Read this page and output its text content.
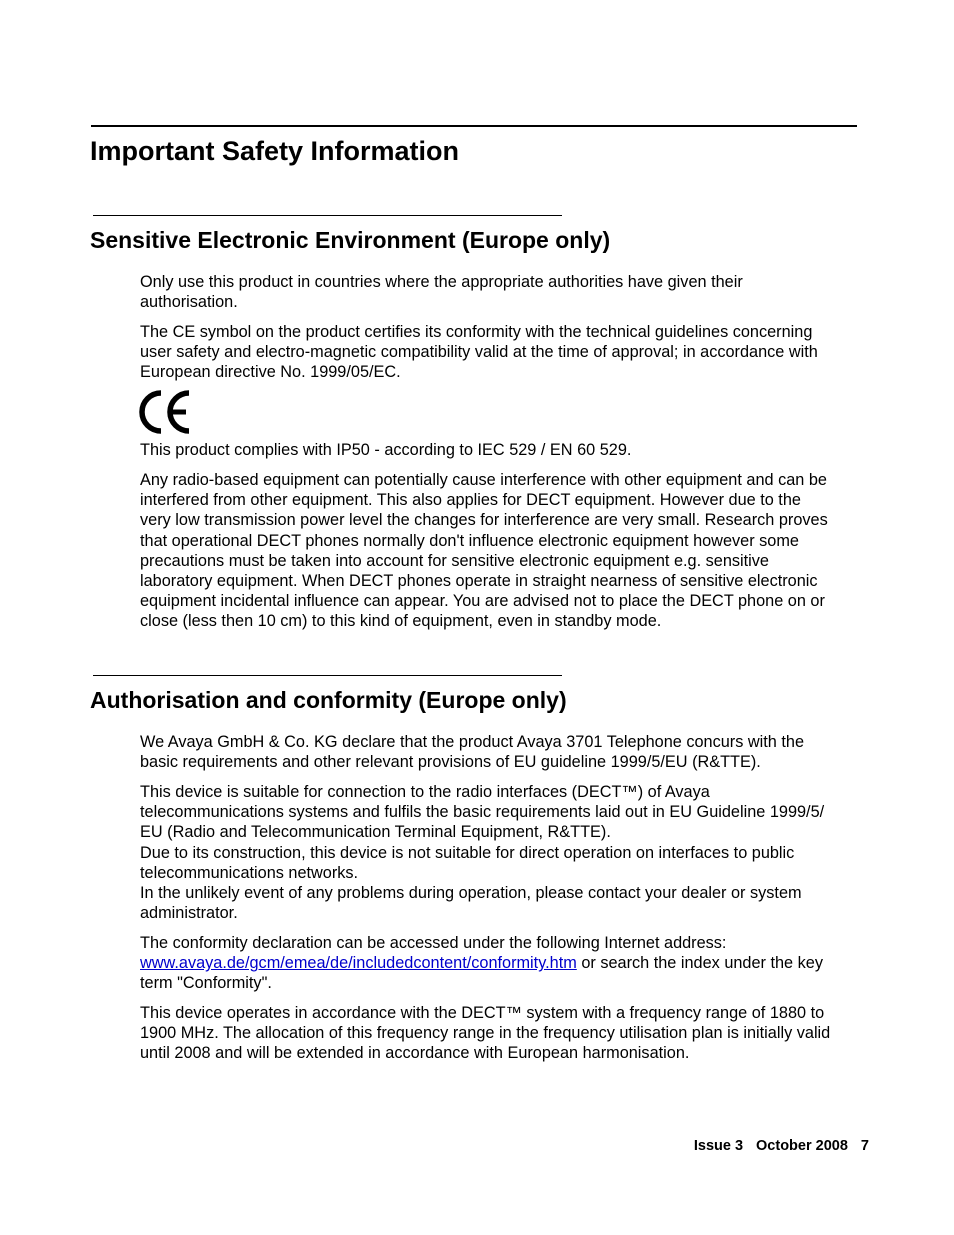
Important Safety Information
Sensitive Electronic Environment (Europe only)

Only use this product in countries where the appropriate authorities have given their
authorisation.

The CE symbol on the product certifies its conformity with the technical guidelines concerning
user safety and electro-magnetic compatibility valid at the time of approval; in accordance with
European directive No. 1999/05/EC.

This product complies with IP50 - according to IEC 529 / EN 60 529.

Any radio-based equipment can potentially cause interference with other equipment and can be
interfered from other equipment. This also applies for DECT equipment. However due to the
very low transmission power level the changes for interference are very small. Research proves
that operational DECT phones normally don't influence electronic equipment however some
precautions must be taken into account for sensitive electronic equipment e.g. sensitive
laboratory equipment. When DECT phones operate in straight nearness of sensitive electronic
equipment incidental influence can appear. You are advised not to place the DECT phone on or
close (less then 10 cm) to this kind of equipment, even in standby mode.

Authorisation and conformity (Europe only)

We Avaya GmbH & Co. KG declare that the product Avaya 3701 Telephone concurs with the
basic requirements and other relevant provisions of EU guideline 1999/5/EU (R&TTE).

This device is suitable for connection to the radio interfaces (DECT™) of Avaya
telecommunications systems and fulfils the basic requirements laid out in EU Guideline 1999/5/
EU (Radio and Telecommunication Terminal Equipment, R&TTE).
Due to its construction, this device is not suitable for direct operation on interfaces to public
telecommunications networks.
In the unlikely event of any problems during operation, please contact your dealer or system
administrator.

The conformity declaration can be accessed under the following Internet address:
www.avaya.de/gcm/emea/de/includedcontent/conformity.htm or search the index under the key
term "Conformity".

This device operates in accordance with the DECT™ system with a frequency range of 1880 to
1900 MHz. The allocation of this frequency range in the frequency utilisation plan is initially valid
until 2008 and will be extended in accordance with European harmonisation.

Issue 3 October 2008 7
